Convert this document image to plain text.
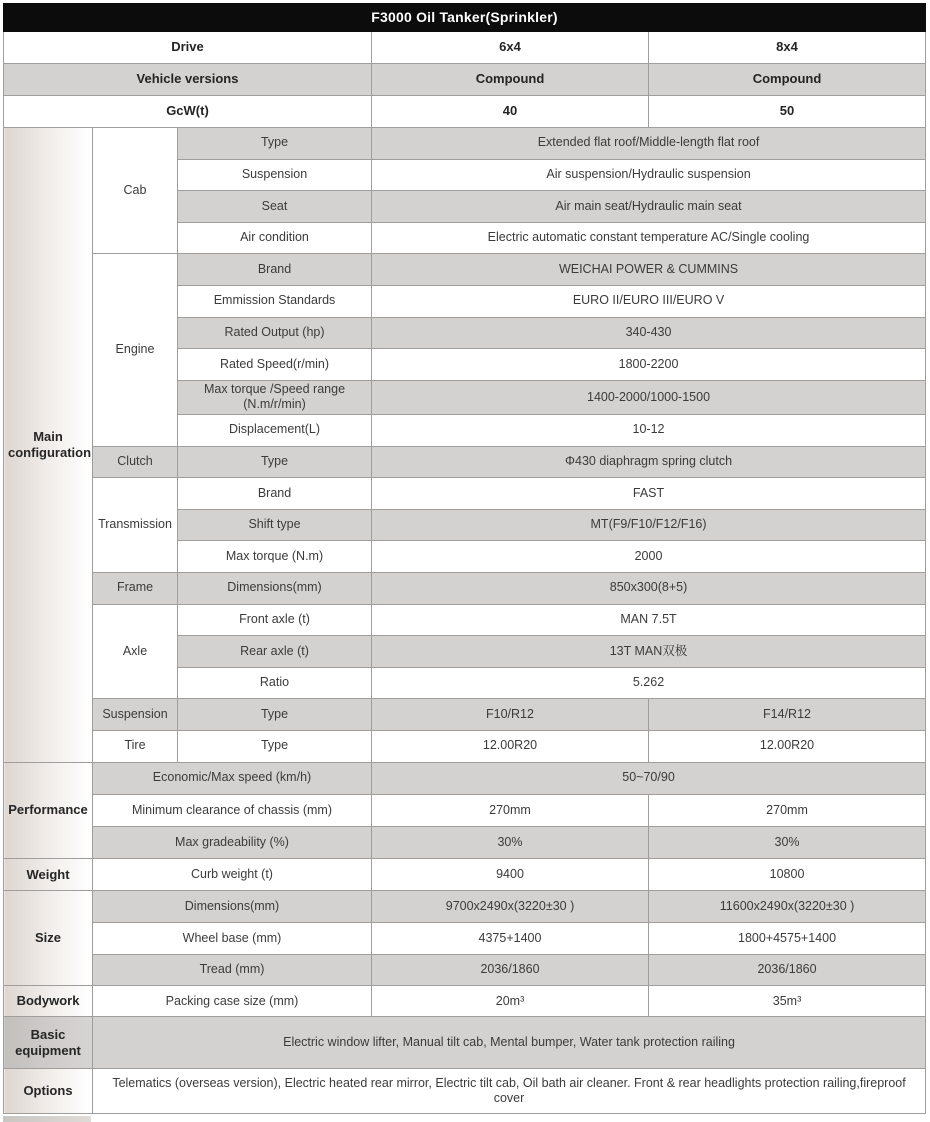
F3000 Oil Tanker(Sprinkler)				
Drive			6x4	8x4
Vehicle versions			Compound	Compound
GcW(t)			40	50
Main configuration	Cab	Type	Extended flat roof/Middle-length flat roof	
		Suspension	Air suspension/Hydraulic suspension	
		Seat	Air main seat/Hydraulic main seat	
		Air condition	Electric automatic constant temperature AC/Single cooling	
	Engine	Brand	WEICHAI POWER & CUMMINS	
		Emmission Standards	EURO II/EURO III/EURO V	
		Rated Output (hp)	340-430	
		Rated Speed(r/min)	1800-2200	
		Max torque /Speed range (N.m/r/min)	1400-2000/1000-1500	
		Displacement(L)	10-12	
	Clutch	Type	Φ430 diaphragm spring clutch	
	Transmission	Brand	FAST	
		Shift type	MT(F9/F10/F12/F16)	
		Max torque (N.m)	2000	
	Frame	Dimensions(mm)	850x300(8+5)	
	Axle	Front axle (t)	MAN 7.5T	
		Rear axle (t)	13T MAN双极	
		Ratio	5.262	
	Suspension	Type	F10/R12	F14/R12
	Tire	Type	12.00R20	12.00R20
Performance	Economic/Max speed (km/h)		50~70/90	
	Minimum clearance of chassis (mm)		270mm	270mm
	Max gradeability (%)		30%	30%
Weight	Curb weight (t)		9400	10800
Size	Dimensions(mm)		9700x2490x(3220±30 )	11600x2490x(3220±30 )
	Wheel base (mm)		4375+1400	1800+4575+1400
	Tread (mm)		2036/1860	2036/1860
Bodywork	Packing case size (mm)		20m³	35m³
Basic equipment	Electric window lifter, Manual tilt cab, Mental bumper, Water tank protection railing			
Options	Telematics (overseas version), Electric heated rear mirror, Electric tilt cab, Oil bath air cleaner. Front & rear headlights protection railing,fireproof cover			
